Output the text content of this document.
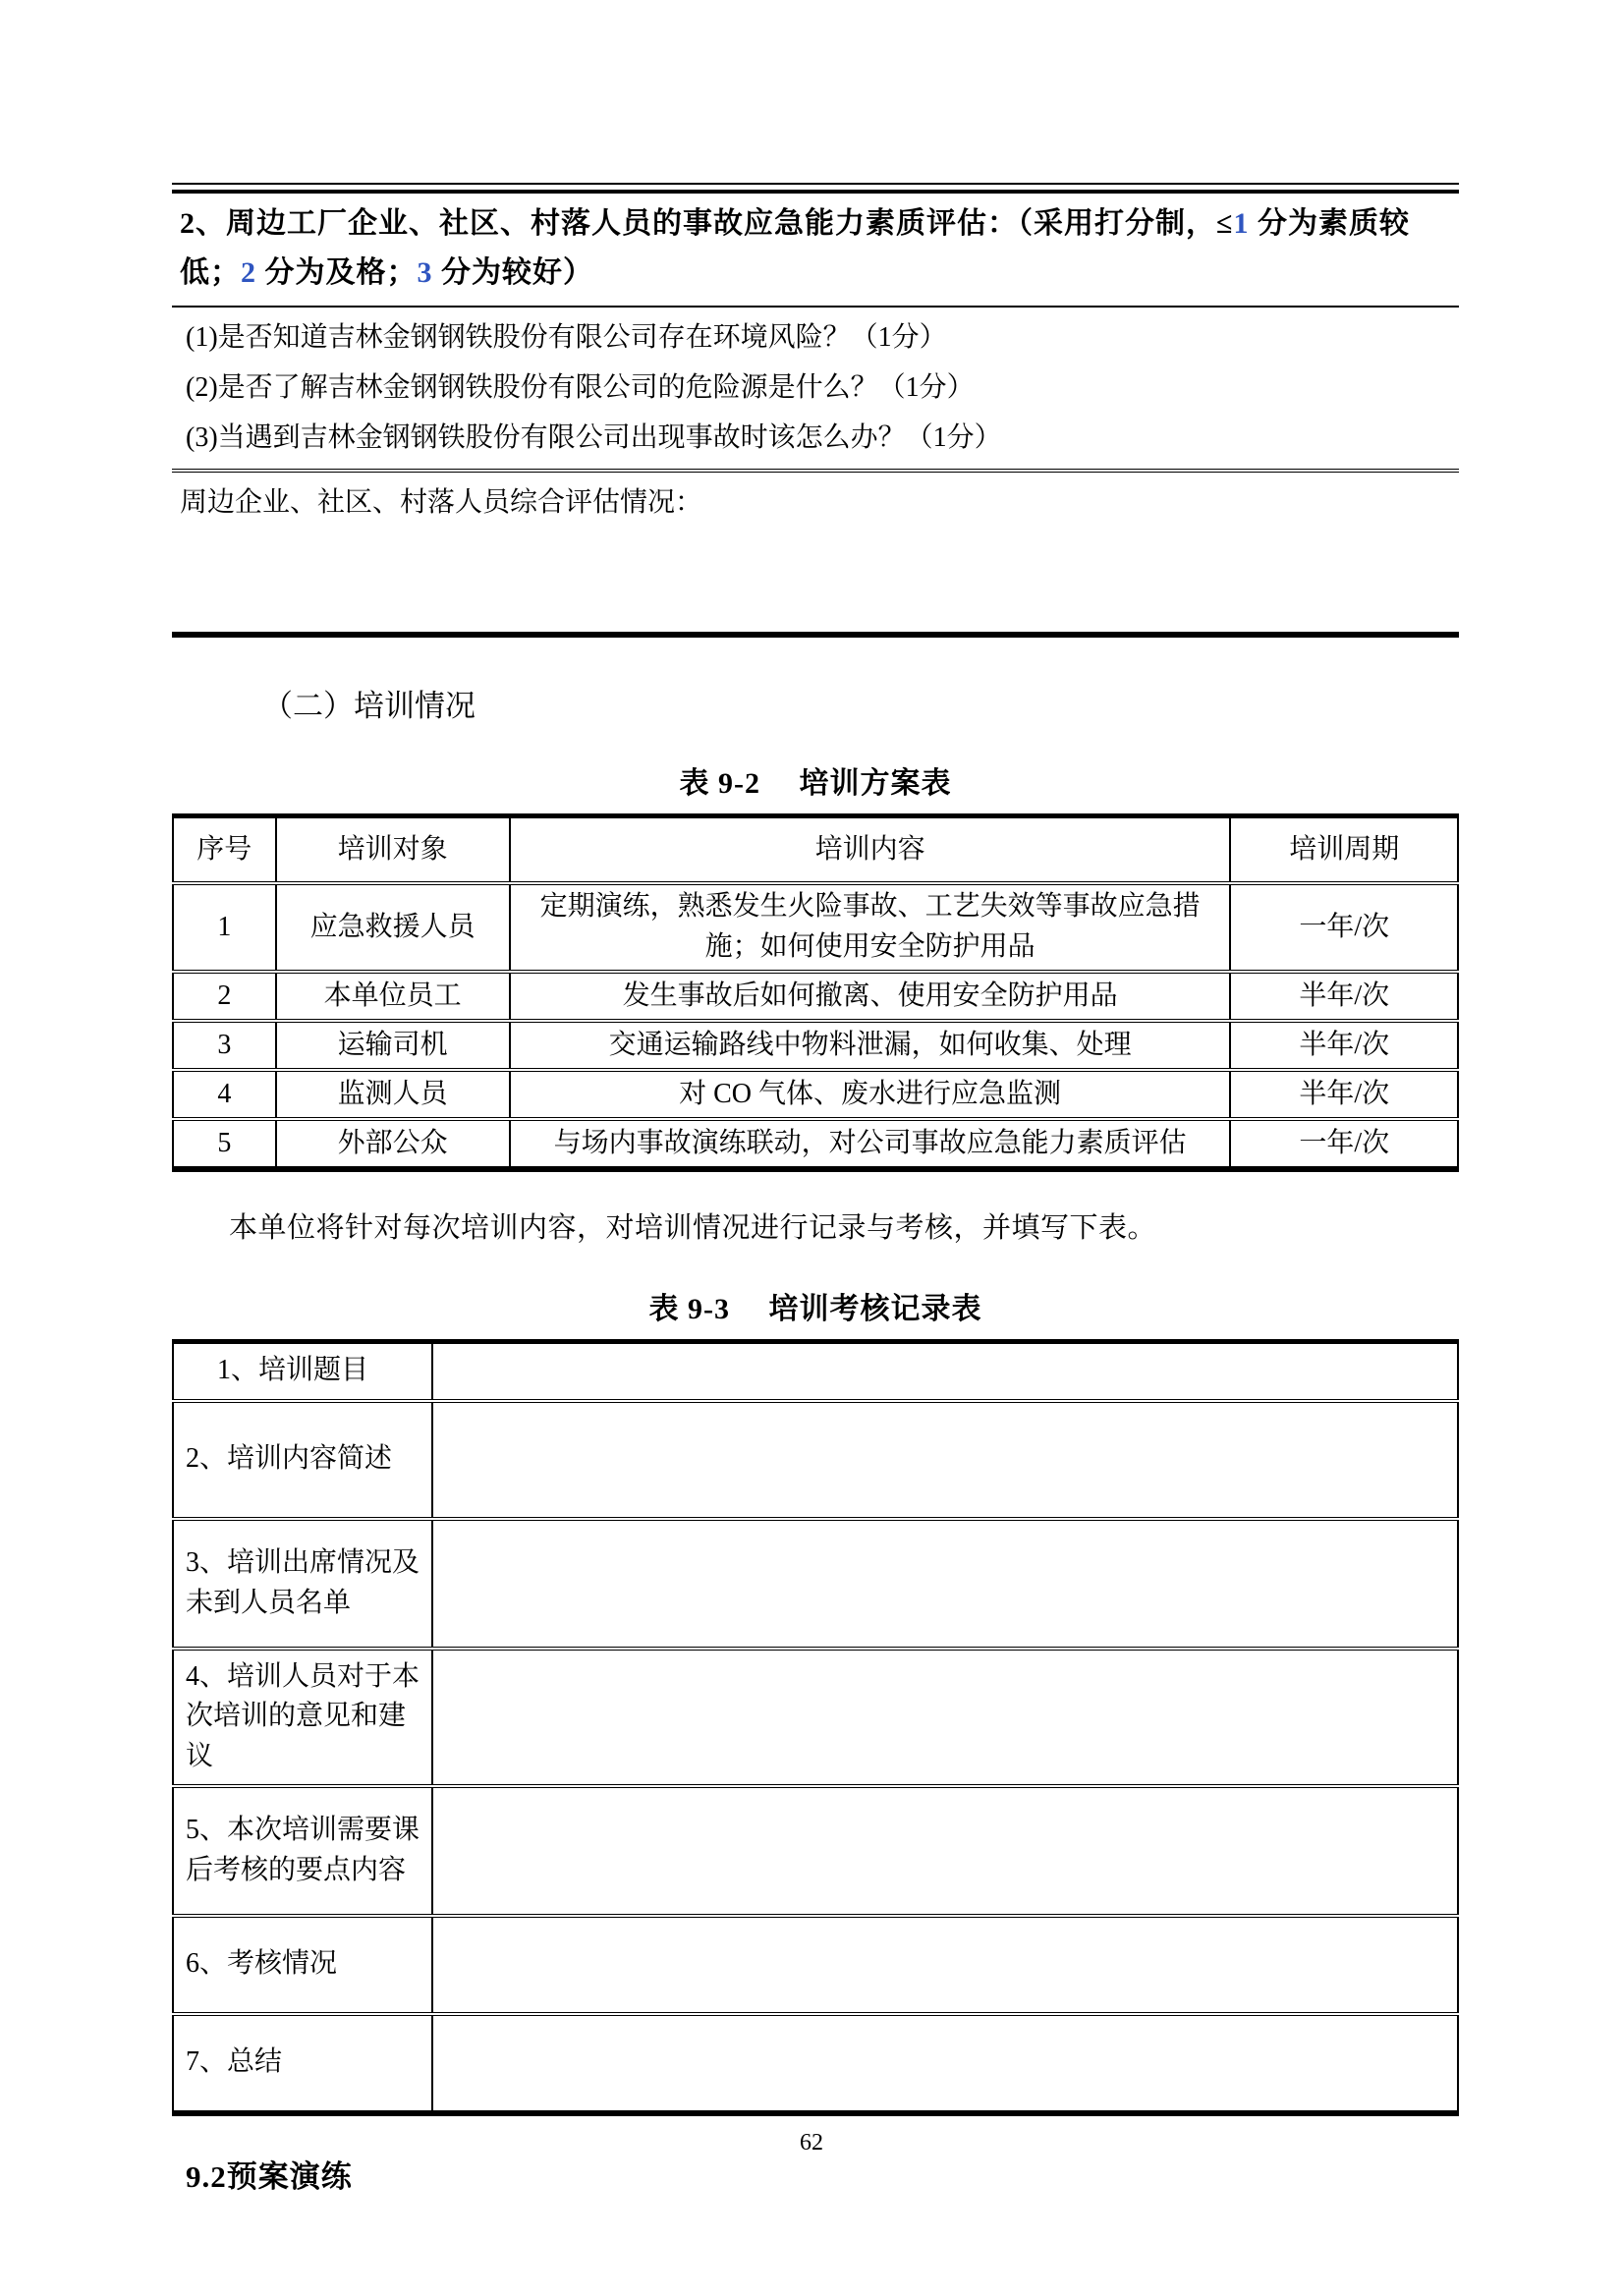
2、周边工厂企业、社区、村落人员的事故应急能力素质评估：（采用打分制，≤1 分为素质较低；2 分为及格；3 分为较好）

(1)是否知道吉林金钢钢铁股份有限公司存在环境风险？（1分）

(2)是否了解吉林金钢钢铁股份有限公司的危险源是什么？（1分）

(3)当遇到吉林金钢钢铁股份有限公司出现事故时该怎么办？（1分）

周边企业、社区、村落人员综合评估情况：

（二）培训情况
表 9-2　 培训方案表
序号	培训对象	培训内容	培训周期
1	应急救援人员	定期演练，熟悉发生火险事故、工艺失效等事故应急措施；如何使用安全防护用品	一年/次
2	本单位员工	发生事故后如何撤离、使用安全防护用品	半年/次
3	运输司机	交通运输路线中物料泄漏，如何收集、处理	半年/次
4	监测人员	对 CO 气体、废水进行应急监测	半年/次
5	外部公众	与场内事故演练联动，对公司事故应急能力素质评估	一年/次

本单位将针对每次培训内容，对培训情况进行记录与考核，并填写下表。

表 9-3　 培训考核记录表
1、培训题目	
2、培训内容简述	
3、培训出席情况及未到人员名单	
4、培训人员对于本次培训的意见和建议	
5、本次培训需要课后考核的要点内容	
6、考核情况	
7、总结	
9.2预案演练
62
